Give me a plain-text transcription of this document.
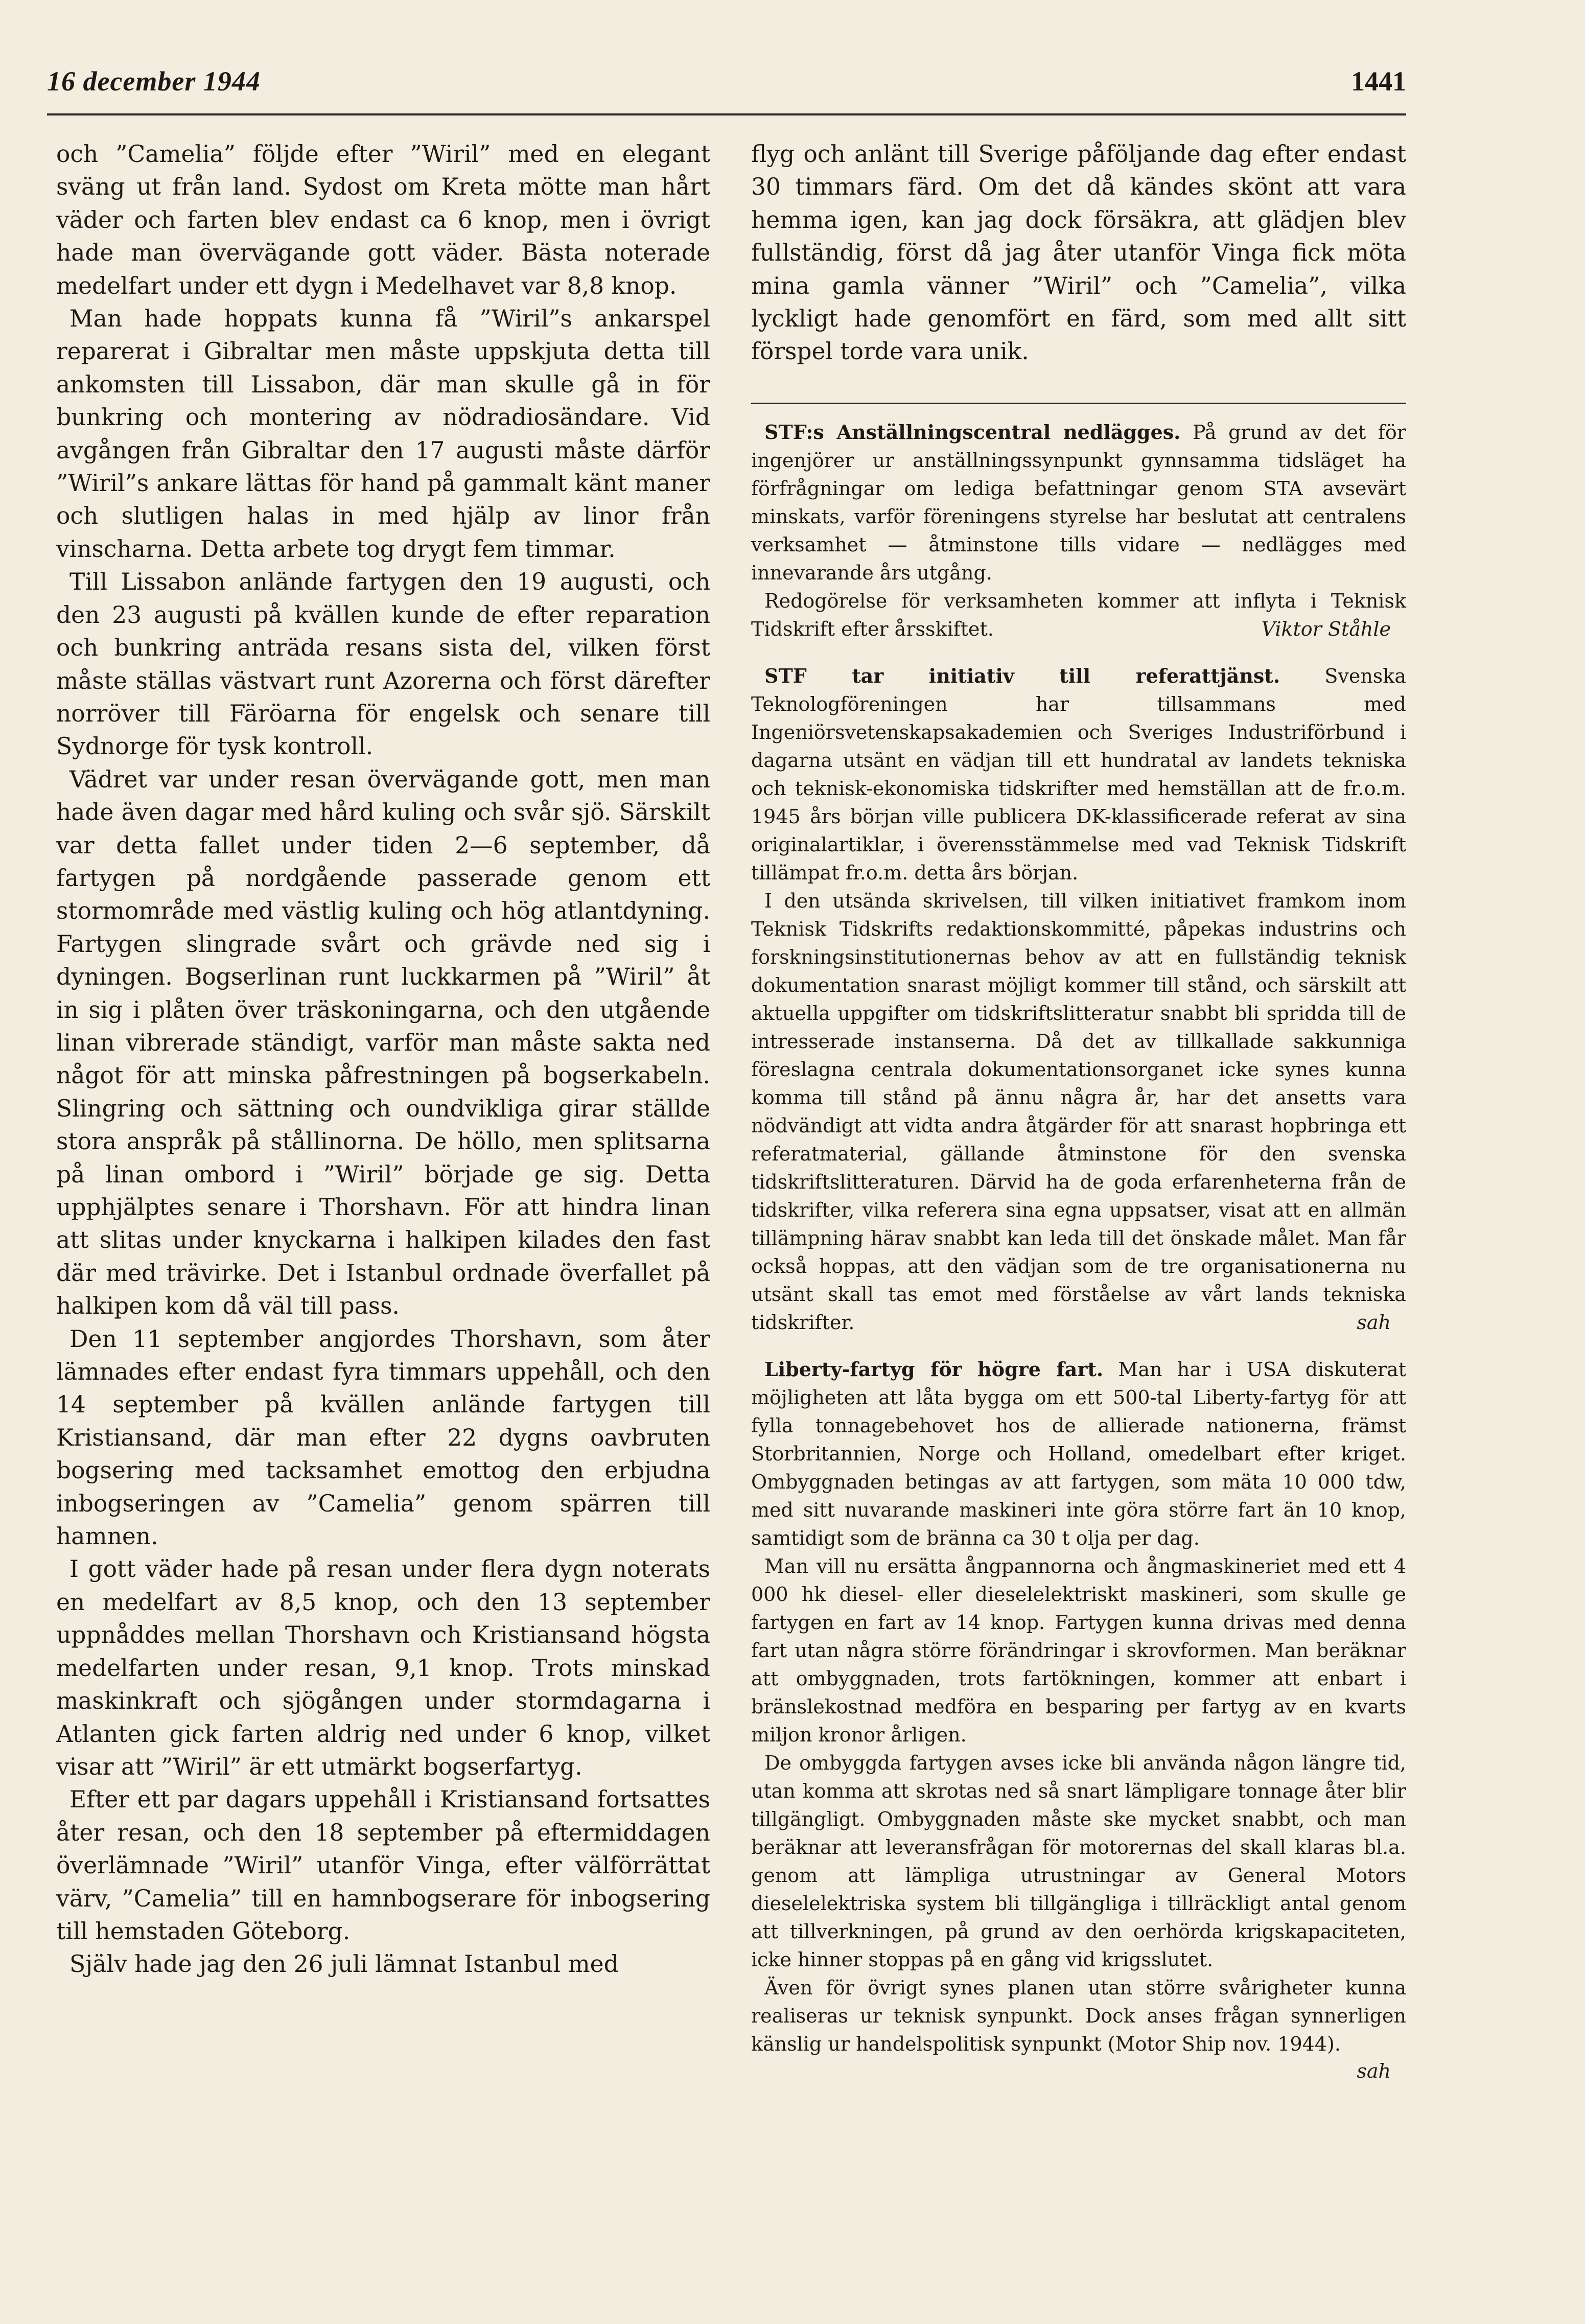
16 december 1944	1441

och ”Camelia” följde efter ”Wiril” med en elegant sväng ut från land. Sydost om Kreta mötte man hårt väder och farten blev endast ca 6 knop, men i övrigt hade man övervägande gott väder. Bästa noterade medelfart under ett dygn i Medelhavet var 8,8 knop.

Man hade hoppats kunna få ”Wiril”s ankarspel reparerat i Gibraltar men måste uppskjuta detta till ankomsten till Lissabon, där man skulle gå in för bunkring och montering av nödradiosändare. Vid avgången från Gibraltar den 17 augusti måste därför ”Wiril”s ankare lättas för hand på gammalt känt maner och slutligen halas in med hjälp av linor från vinscharna. Detta arbete tog drygt fem timmar.

Till Lissabon anlände fartygen den 19 augusti, och den 23 augusti på kvällen kunde de efter reparation och bunkring anträda resans sista del, vilken först måste ställas västvart runt Azorerna och först därefter norröver till Färöarna för engelsk och senare till Sydnorge för tysk kontroll.

Vädret var under resan övervägande gott, men man hade även dagar med hård kuling och svår sjö. Särskilt var detta fallet under tiden 2—6 september, då fartygen på nordgående passerade genom ett stormområde med västlig kuling och hög atlantdyning. Fartygen slingrade svårt och grävde ned sig i dyningen. Bogserlinan runt luckkarmen på ”Wiril” åt in sig i plåten över träskoningarna, och den utgående linan vibrerade ständigt, varför man måste sakta ned något för att minska påfrestningen på bogserkabeln. Slingring och sättning och oundvikliga girar ställde stora anspråk på stållinorna. De höllo, men splitsarna på linan ombord i ”Wiril” började ge sig. Detta upphjälptes senare i Thorshavn. För att hindra linan att slitas under knyckarna i halkipen kilades den fast där med trävirke. Det i Istanbul ordnade överfallet på halkipen kom då väl till pass.

Den 11 september angjordes Thorshavn, som åter lämnades efter endast fyra timmars uppehåll, och den 14 september på kvällen anlände fartygen till Kristiansand, där man efter 22 dygns oavbruten bogsering med tacksamhet emottog den erbjudna inbogseringen av ”Camelia” genom spärren till hamnen.

I gott väder hade på resan under flera dygn noterats en medelfart av 8,5 knop, och den 13 september uppnåddes mellan Thorshavn och Kristiansand högsta medelfarten under resan, 9,1 knop. Trots minskad maskinkraft och sjögången under stormdagarna i Atlanten gick farten aldrig ned under 6 knop, vilket visar att ”Wiril” är ett utmärkt bogserfartyg.

Efter ett par dagars uppehåll i Kristiansand fortsattes åter resan, och den 18 september på eftermiddagen överlämnade ”Wiril” utanför Vinga, efter välförrättat värv, ”Camelia” till en hamnbogserare för inbogsering till hemstaden Göteborg.

Själv hade jag den 26 juli lämnat Istanbul med

flyg och anlänt till Sverige påföljande dag efter endast 30 timmars färd. Om det då kändes skönt att vara hemma igen, kan jag dock försäkra, att glädjen blev fullständig, först då jag åter utanför Vinga fick möta mina gamla vänner ”Wiril” och ”Camelia”, vilka lyckligt hade genomfört en färd, som med allt sitt förspel torde vara unik.

STF:s Anställningscentral nedlägges. På grund av det för ingenjörer ur anställningssynpunkt gynnsamma tidsläget ha förfrågningar om lediga befattningar genom STA avsevärt minskats, varför föreningens styrelse har beslutat att centralens verksamhet — åtminstone tills vidare — nedlägges med innevarande års utgång.

Redogörelse för verksamheten kommer att inflyta i Teknisk Tidskrift efter årsskiftet.	Viktor Ståhle

STF tar initiativ till referattjänst. Svenska Teknologföreningen har tillsammans med Ingeniörsvetenskapsakademien och Sveriges Industriförbund i dagarna utsänt en vädjan till ett hundratal av landets tekniska och teknisk-ekonomiska tidskrifter med hemställan att de fr.o.m. 1945 års början ville publicera DK-klassificerade referat av sina originalartiklar, i överensstämmelse med vad Teknisk Tidskrift tillämpat fr.o.m. detta års början.

I den utsända skrivelsen, till vilken initiativet framkom inom Teknisk Tidskrifts redaktionskommitté, påpekas industrins och forskningsinstitutionernas behov av att en fullständig teknisk dokumentation snarast möjligt kommer till stånd, och särskilt att aktuella uppgifter om tidskriftslitteratur snabbt bli spridda till de intresserade instanserna. Då det av tillkallade sakkunniga föreslagna centrala dokumentationsorganet icke synes kunna komma till stånd på ännu några år, har det ansetts vara nödvändigt att vidta andra åtgärder för att snarast hopbringa ett referatmaterial, gällande åtminstone för den svenska tidskriftslitteraturen. Därvid ha de goda erfarenheterna från de tidskrifter, vilka referera sina egna uppsatser, visat att en allmän tillämpning härav snabbt kan leda till det önskade målet. Man får också hoppas, att den vädjan som de tre organisationerna nu utsänt skall tas emot med förståelse av vårt lands tekniska tidskrifter.	sah

Liberty-fartyg för högre fart. Man har i USA diskuterat möjligheten att låta bygga om ett 500-tal Liberty-fartyg för att fylla tonnagebehovet hos de allierade nationerna, främst Storbritannien, Norge och Holland, omedelbart efter kriget. Ombyggnaden betingas av att fartygen, som mäta 10 000 tdw, med sitt nuvarande maskineri inte göra större fart än 10 knop, samtidigt som de bränna ca 30 t olja per dag.

Man vill nu ersätta ångpannorna och ångmaskineriet med ett 4 000 hk diesel- eller dieselelektriskt maskineri, som skulle ge fartygen en fart av 14 knop. Fartygen kunna drivas med denna fart utan några större förändringar i skrovformen. Man beräknar att ombyggnaden, trots fartökningen, kommer att enbart i bränslekostnad medföra en besparing per fartyg av en kvarts miljon kronor årligen.

De ombyggda fartygen avses icke bli använda någon längre tid, utan komma att skrotas ned så snart lämpligare tonnage åter blir tillgängligt. Ombyggnaden måste ske mycket snabbt, och man beräknar att leveransfrågan för motorernas del skall klaras bl.a. genom att lämpliga utrustningar av General Motors dieselelektriska system bli tillgängliga i tillräckligt antal genom att tillverkningen, på grund av den oerhörda krigskapaciteten, icke hinner stoppas på en gång vid krigsslutet.

Även för övrigt synes planen utan större svårigheter kunna realiseras ur teknisk synpunkt. Dock anses frågan synnerligen känslig ur handelspolitisk synpunkt (Motor Ship nov. 1944).

sah
